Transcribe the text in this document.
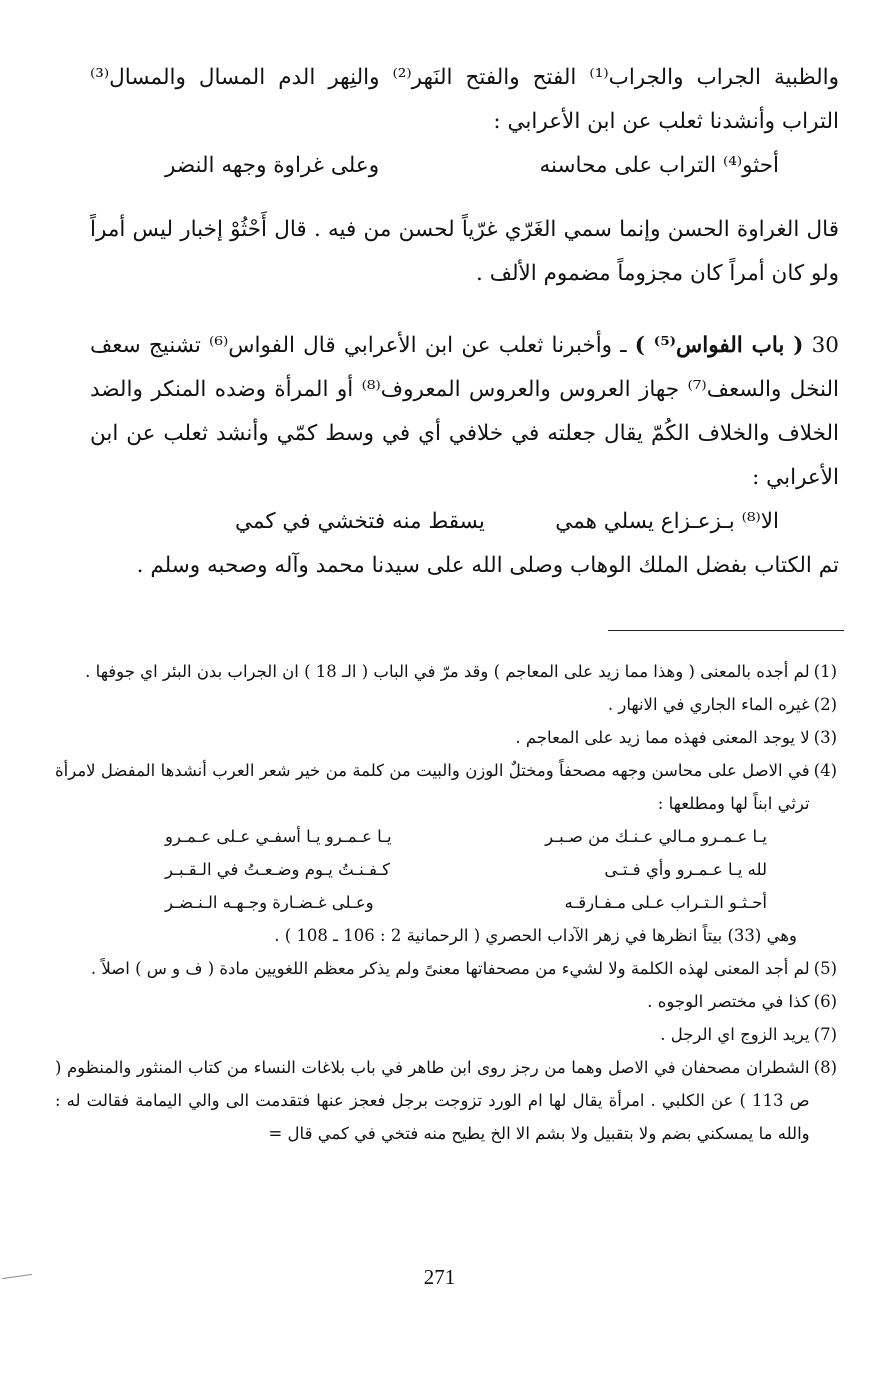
والظبية الجراب والجراب⁽¹⁾ الفتح والفتح النَهر⁽²⁾ والنِهر الدم المسال والمسال⁽³⁾ التراب وأنشدنا ثعلب عن ابن الأعرابي :

أحثو⁽⁴⁾ التراب على محاسنه
وعلى غراوة وجهه النضر

قال الغراوة الحسن وإنما سمي الغَرّي غرّياً لحسن من فيه . قال أَحْثُوْ إخبار ليس أمراً ولو كان أمراً كان مجزوماً مضموم الألف .

30 ( باب الفواس⁽⁵⁾ ) ـ وأخبرنا ثعلب عن ابن الأعرابي قال الفواس⁽⁶⁾ تشنيج سعف النخل والسعف⁽⁷⁾ جهاز العروس والعروس المعروف⁽⁸⁾ أو المرأة وضده المنكر والضد الخلاف والخلاف الكُمّ يقال جعلته في خلافي أي في وسط كمّي وأنشد ثعلب عن ابن الأعرابي :

الا⁽⁸⁾ بـزعـزاع يسلي همي
يسقط منه فتخشي في كمي

تم الكتاب بفضل الملك الوهاب وصلى الله على سيدنا محمد وآله وصحبه وسلم .

(1)
لم أجده بالمعنى ( وهذا مما زيد على المعاجم ) وقد مرّ في الباب ( الـ 18 ) ان الجراب بدن البئر اي جوفها .
(2)
غيره الماء الجاري في الانهار .
(3)
لا يوجد المعنى فهذه مما زيد على المعاجم .
(4)
في الاصل على محاسن وجهه مصحفاً ومختلٌ الوزن والبيت من كلمة من خير شعر العرب أنشدها المفضل لامرأة ترثي ابناً لها ومطلعها :
يـا عـمـرو مـالي عـنـك من صـبـر
يـا عـمـرو يـا أسفـي عـلى عـمـرو
لله يـا عـمـرو وأي فـتـى
كـفـنـتُ يـوم وضـعـتُ في الـقـبـر
أحـثـو الـتـراب عـلى مـفـارقـه
وعـلى غـضـارة وجـهـه الـنـضـر
وهي (33) بيتاً انظرها في زهر الآداب الحصري ( الرحمانية 2 : 106 ـ 108 ) .
(5)
لم أجد المعنى لهذه الكلمة ولا لشيء من مصحفاتها معنىً ولم يذكر معظم اللغويين مادة ( ف و س ) اصلاً .
(6)
كذا في مختصر الوجوه .
(7)
يريد الزوج اي الرجل .
(8)
الشطران مصحفان في الاصل وهما من رجز روى ابن طاهر في باب بلاغات النساء من كتاب المنثور والمنظوم ( ص 113 ) عن الكلبي . امرأة يقال لها ام الورد تزوجت برجل فعجز عنها فتقدمت الى والي اليمامة فقالت له : والله ما يمسكني بضم ولا بتقبيل ولا بشم الا الخ يطيح منه فتخي في كمي قال =
271
